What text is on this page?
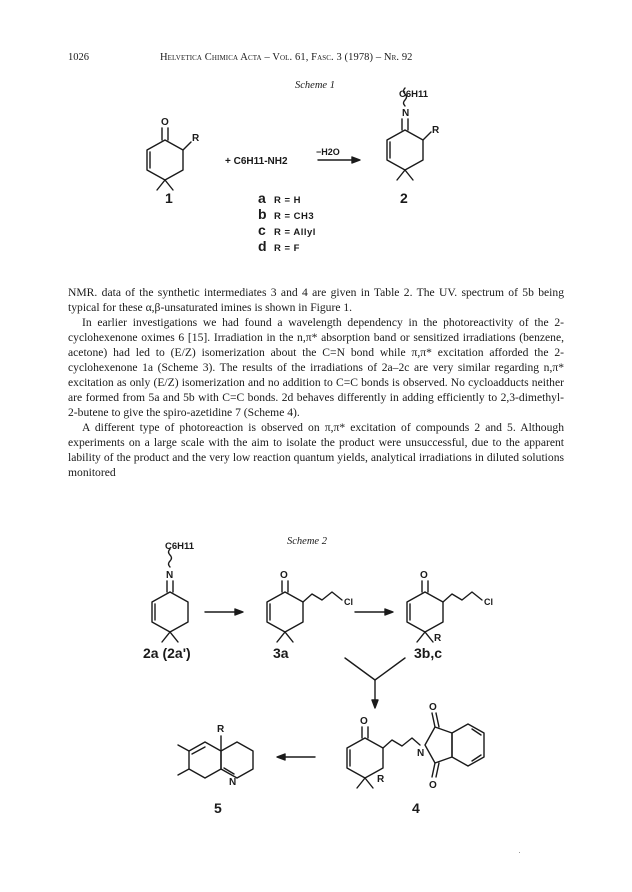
1026	Helvetica Chimica Acta – Vol. 61, Fasc. 3 (1978) – Nr. 92
Scheme 1
O
R
N
R
C6H11
+ C6H11-NH2
−H2O
1	2
a R = H
b R = CH3
c R = Allyl
d R = F

NMR. data of the synthetic intermediates 3 and 4 are given in Table 2. The UV. spectrum of 5b being typical for these α,β-unsaturated imines is shown in Figure 1.

In earlier investigations we had found a wavelength dependency in the photoreactivity of the 2-cyclohexenone oximes 6 [15]. Irradiation in the n,π* absorption band or sensitized irradiations (benzene, acetone) had led to (E/Z) isomerization about the C=N bond while π,π* excitation afforded the 2-cyclohexenone 1a (Scheme 3). The results of the irradiations of 2a–2c are very similar regarding n,π* excitation as only (E/Z) isomerization and no addition to C=C bonds is observed. No cycloadducts neither are formed from 5a and 5b with C=C bonds. 2d behaves differently in adding efficiently to 2,3-dimethyl-2-butene to give the spiro-azetidine 7 (Scheme 4).

A different type of photoreaction is observed on π,π* excitation of compounds 2 and 5. Although experiments on a large scale with the aim to isolate the product were unsuccessful, due to the apparent lability of the product and the very low reaction quantum yields, analytical irradiations in diluted solutions monitored

Scheme 2
C6H11
N	O
Cl
O
Cl
R
O
R
N
O
O
R
N
2a (2a')	3a	3b,c
4
5
